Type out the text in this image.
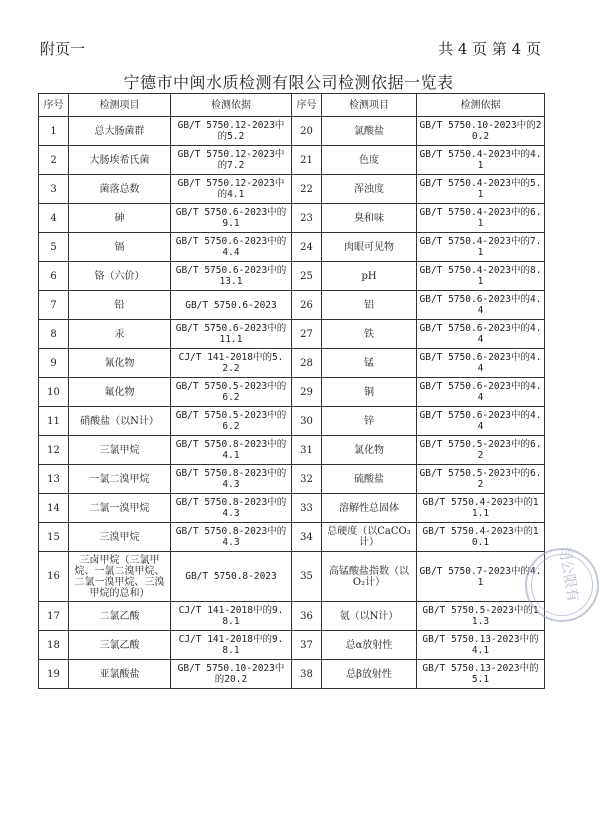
附页一	共 4 页 第 4 页
宁德市中闽水质检测有限公司检测依据一览表
序号	检测项目	检测依据	序号	检测项目	检测依据
1	总大肠菌群	GB/T 5750.12-2023中的5.2	20	氯酸盐	GB/T 5750.10-2023中的20.2
2	大肠埃希氏菌	GB/T 5750.12-2023中的7.2	21	色度	GB/T 5750.4-2023中的4.1
3	菌落总数	GB/T 5750.12-2023中的4.1	22	浑浊度	GB/T 5750.4-2023中的5.1
4	砷	GB/T 5750.6-2023中的9.1	23	臭和味	GB/T 5750.4-2023中的6.1
5	镉	GB/T 5750.6-2023中的4.4	24	肉眼可见物	GB/T 5750.4-2023中的7.1
6	铬（六价）	GB/T 5750.6-2023中的13.1	25	pH	GB/T 5750.4-2023中的8.1
7	铅	GB/T 5750.6-2023	26	铝	GB/T 5750.6-2023中的4.4
8	汞	GB/T 5750.6-2023中的11.1	27	铁	GB/T 5750.6-2023中的4.4
9	氰化物	CJ/T 141-2018中的5.2.2	28	锰	GB/T 5750.6-2023中的4.4
10	氟化物	GB/T 5750.5-2023中的6.2	29	铜	GB/T 5750.6-2023中的4.4
11	硝酸盐（以N计）	GB/T 5750.5-2023中的6.2	30	锌	GB/T 5750.6-2023中的4.4
12	三氯甲烷	GB/T 5750.8-2023中的4.1	31	氯化物	GB/T 5750.5-2023中的6.2
13	一氯二溴甲烷	GB/T 5750.8-2023中的4.3	32	硫酸盐	GB/T 5750.5-2023中的6.2
14	二氯一溴甲烷	GB/T 5750.8-2023中的4.3	33	溶解性总固体	GB/T 5750.4-2023中的11.1
15	三溴甲烷	GB/T 5750.8-2023中的4.3	34	总硬度（以CaCO₃计）	GB/T 5750.4-2023中的10.1
16	三卤甲烷（三氯甲烷、一氯二溴甲烷、二氯一溴甲烷、三溴甲烷的总和）	GB/T 5750.8-2023	35	高锰酸盐指数（以O₂计）	GB/T 5750.7-2023中的4.1
17	二氯乙酸	CJ/T 141-2018中的9.8.1	36	氨（以N计）	GB/T 5750.5-2023中的11.3
18	三氯乙酸	CJ/T 141-2018中的9.8.1	37	总α放射性	GB/T 5750.13-2023中的4.1
19	亚氯酸盐	GB/T 5750.10-2023中的20.2	38	总β放射性	GB/T 5750.13-2023中的5.1
司公限有
